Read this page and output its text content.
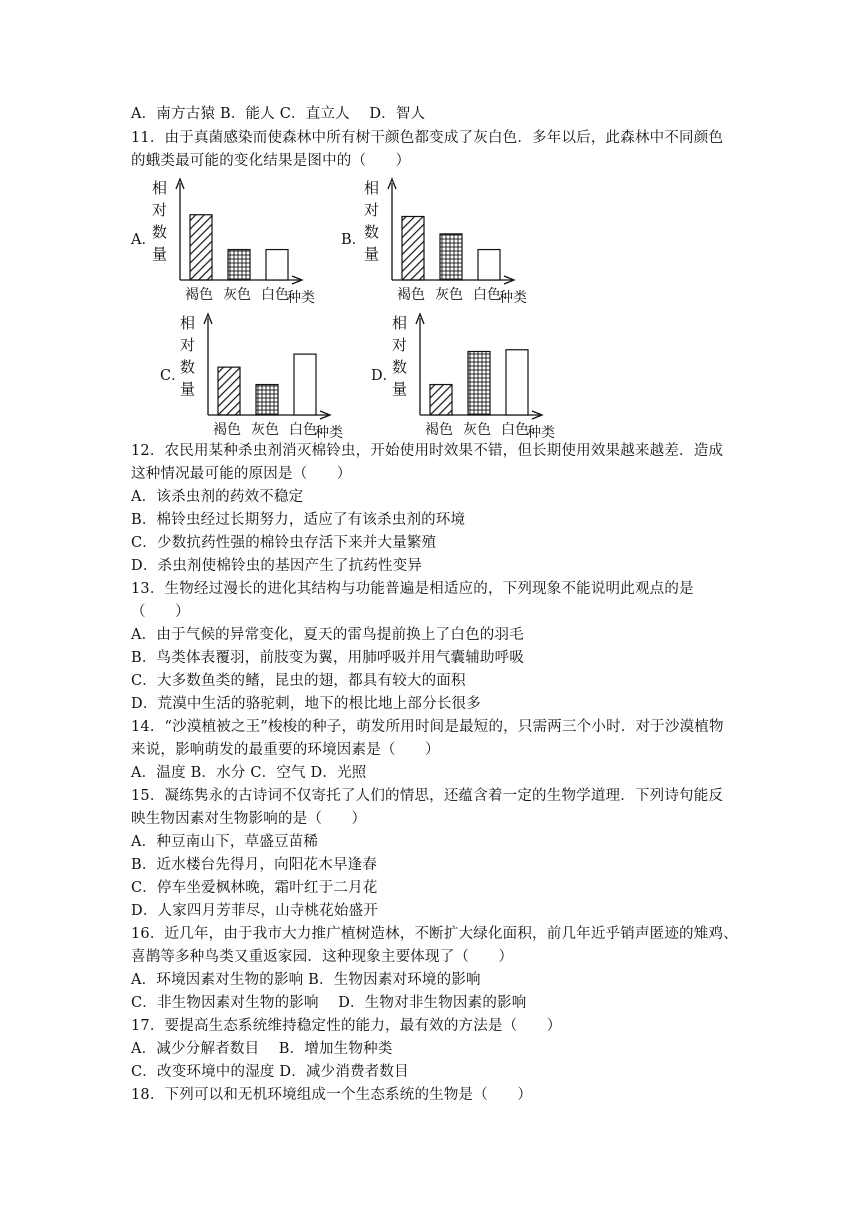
A．南方古猿 B．能人 C．直立人　 D．智人
11．由于真菌感染而使森林中所有树干颜色都变成了灰白色．多年以后，此森林中不同颜色
的蛾类最可能的变化结果是图中的（　　）
12．农民用某种杀虫剂消灭棉铃虫，开始使用时效果不错，但长期使用效果越来越差．造成
这种情况最可能的原因是（　　）
A．该杀虫剂的药效不稳定
B．棉铃虫经过长期努力，适应了有该杀虫剂的环境
C．少数抗药性强的棉铃虫存活下来并大量繁殖
D．杀虫剂使棉铃虫的基因产生了抗药性变异
13．生物经过漫长的进化其结构与功能普遍是相适应的，下列现象不能说明此观点的是
（　　）
A．由于气候的异常变化，夏天的雷鸟提前换上了白色的羽毛
B．鸟类体表覆羽，前肢变为翼，用肺呼吸并用气囊辅助呼吸
C．大多数鱼类的鳍，昆虫的翅，都具有较大的面积
D．荒漠中生活的骆驼刺，地下的根比地上部分长很多
14．“沙漠植被之王”梭梭的种子，萌发所用时间是最短的，只需两三个小时．对于沙漠植物
来说，影响萌发的最重要的环境因素是（　　）
A．温度 B．水分 C．空气 D．光照
15．凝练隽永的古诗词不仅寄托了人们的情思，还蕴含着一定的生物学道理．下列诗句能反
映生物因素对生物影响的是（　　）
A．种豆南山下，草盛豆苗稀
B．近水楼台先得月，向阳花木早逢春
C．停车坐爱枫林晚，霜叶红于二月花
D．人家四月芳菲尽，山寺桃花始盛开
16．近几年，由于我市大力推广植树造林，不断扩大绿化面积，前几年近乎销声匿迹的雉鸡、
喜鹊等多种鸟类又重返家园．这种现象主要体现了（　　）
A．环境因素对生物的影响 B．生物因素对环境的影响
C．非生物因素对生物的影响　 D．生物对非生物因素的影响
17．要提高生态系统维持稳定性的能力，最有效的方法是（　　）
A．减少分解者数目　 B．增加生物种类
C．改变环境中的湿度 D．减少消费者数目
18．下列可以和无机环境组成一个生态系统的生物是（　　）
A．	B．
C．	D．
相
对
数
量
褐色 灰色 白色
种类
相
对
数
量
褐色 灰色 白色
种类
相
对
数
量
褐色 灰色 白色
种类
相
对
数
量
褐色 灰色 白色
种类
